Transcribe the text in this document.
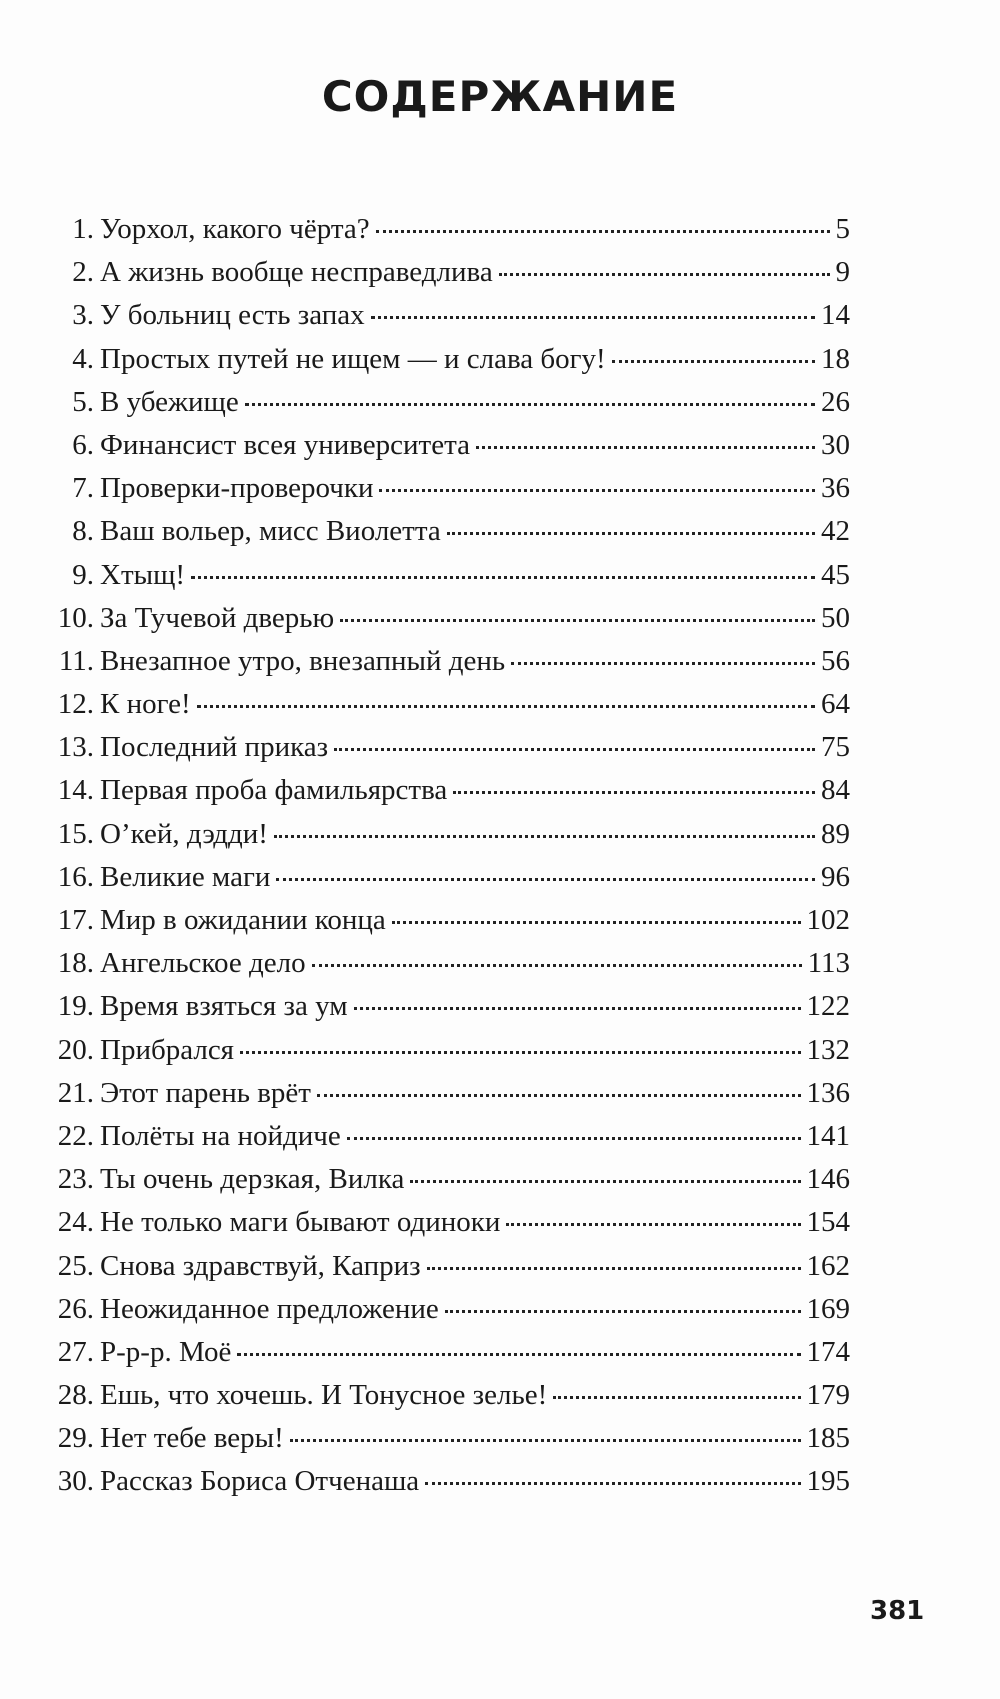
СОДЕРЖАНИЕ
1. Уорхол, какого чёрта?	5
2. А жизнь вообще несправедлива	9
3. У больниц есть запах	14
4. Простых путей не ищем — и слава богу!	18
5. В убежище	26
6. Финансист всея университета	30
7. Проверки-проверочки	36
8. Ваш вольер, мисс Виолетта	42
9. Хтыщ!	45
10. За Тучевой дверью	50
11. Внезапное утро, внезапный день	56
12. К ноге!	64
13. Последний приказ	75
14. Первая проба фамильярства	84
15. О’кей, дэдди!	89
16. Великие маги	96
17. Мир в ожидании конца	102
18. Ангельское дело	113
19. Время взяться за ум	122
20. Прибрался	132
21. Этот парень врёт	136
22. Полёты на нойдиче	141
23. Ты очень дерзкая, Вилка	146
24. Не только маги бывают одиноки	154
25. Снова здравствуй, Каприз	162
26. Неожиданное предложение	169
27. Р-р-р. Моё	174
28. Ешь, что хочешь. И Тонусное зелье!	179
29. Нет тебе веры!	185
30. Рассказ Бориса Отченаша	195
381
